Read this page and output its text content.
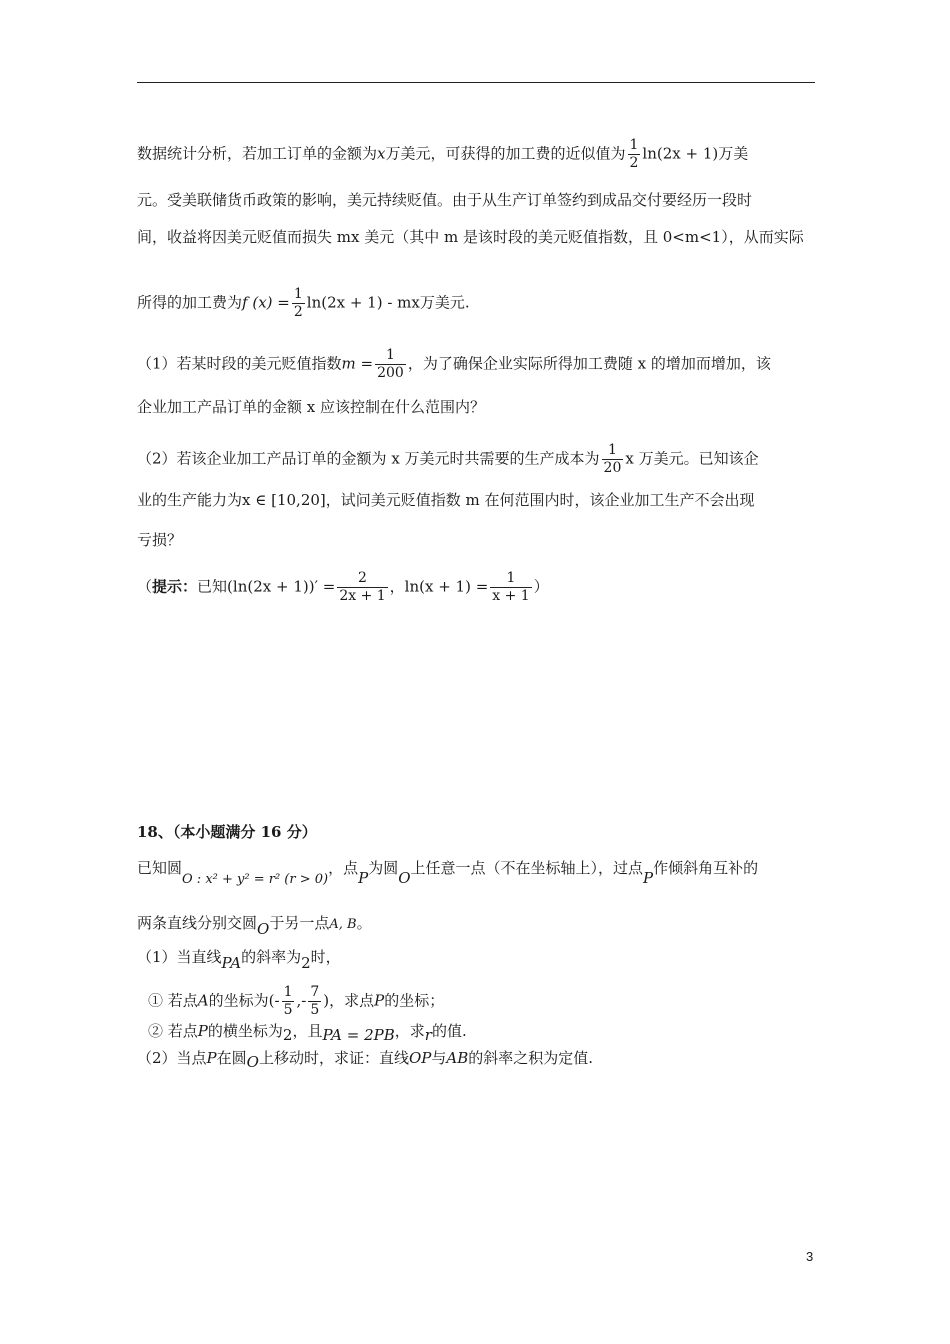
数据统计分析，若加工订单的金额为x万美元，可获得的加工费的近似值为 $\frac{1}{2} \ln(2x + 1)$万美
元。受美联储货币政策的影响，美元持续贬值。由于从生产订单签约到成品交付要经历一段时
间，收益将因美元贬值而损失 mx 美元（其中 m 是该时段的美元贬值指数，且 0<m<1），从而实际
所得的加工费为f $(x) = \frac{1}{2} \ln(2x + 1)$ - mx万美元.
（1）若某时段的美元贬值指数$m = \frac{1}{200}$ ，为了确保企业实际所得加工费随 x 的增加而增加，该
企业加工产品订单的金额 x 应该控制在什么范围内？
（2）若该企业加工产品订单的金额为 x 万美元时共需要的生产成本为 $\frac{1}{20}$ x 万美元。已知该企
业的生产能力为x ∈ [10,20]，试问美元贬值指数 m 在何范围内时，该企业加工生产不会出现
亏损？
（提示：已知$(\ln(2x + 1))' = \frac{2}{2x + 1}$ ，$\ln(x + 1) = \frac{1}{x + 1}$ ）
18、（本小题满分 16 分）
已知圆O : x² + y² = r² (r > 0)，点P为圆O上任意一点（不在坐标轴上），过点P作倾斜角互补的
两条直线分别交圆O于另一点A, B。
（1）当直线PA的斜率为2时，
① 若点A的坐标为(- $\frac{1}{5}$ ,- $\frac{7}{5}$ )，求点P的坐标；
② 若点P的横坐标为2，且PA = 2PB，求r的值.
（2）当点P在圆O上移动时，求证：直线OP与AB的斜率之积为定值.
3
